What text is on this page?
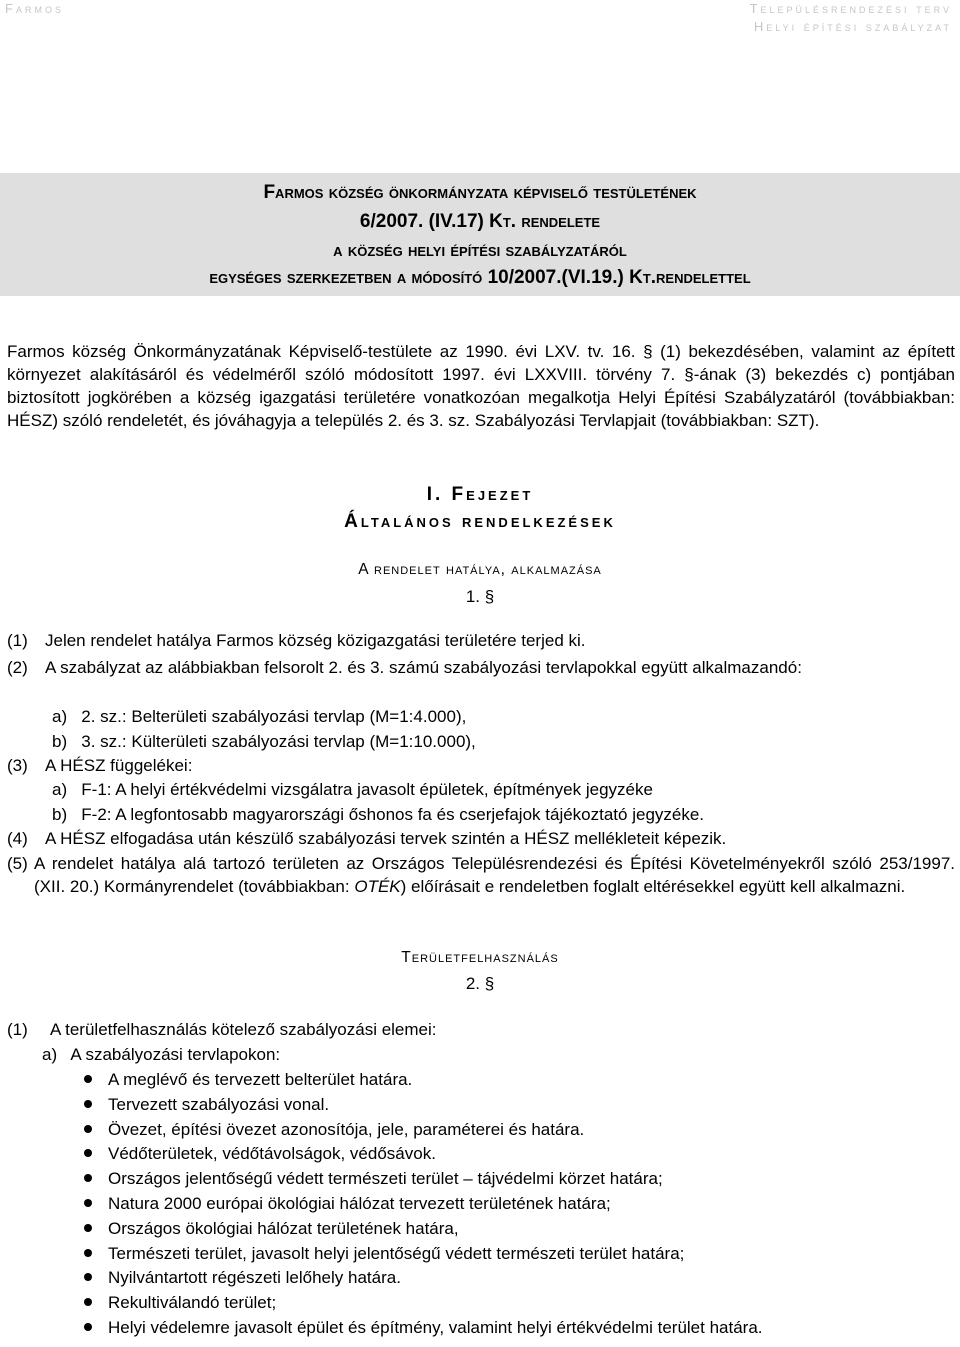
Farmos	Településrendezési terv
Helyi építési szabályzat
Farmos község önkormányzata képviselő testületének
6/2007. (IV.17) Kt. rendelete
a község helyi építési szabályzatáról
egységes szerkezetben a módosító 10/2007.(VI.19.) Kt.rendelettel
Farmos község Önkormányzatának Képviselő-testülete az 1990. évi LXV. tv. 16. § (1) bekezdésében, valamint az épített környezet alakításáról és védelméről szóló módosított 1997. évi LXXVIII. törvény 7. §-ának (3) bekezdés c) pontjában biztosított jogkörében a község igazgatási területére vonatkozóan megalkotja Helyi Építési Szabályzatáról (továbbiakban: HÉSZ) szóló rendeletét, és jóváhagyja a település 2. és 3. sz. Szabályozási Tervlapjait (továbbiakban: SZT).
I. Fejezet
Általános rendelkezések
A rendelet hatálya, alkalmazása
1. §
(1) Jelen rendelet hatálya Farmos község közigazgatási területére terjed ki.
(2) A szabályzat az alábbiakban felsorolt 2. és 3. számú szabályozási tervlapokkal együtt alkalmazandó:
a)   2. sz.: Belterületi szabályozási tervlap (M=1:4.000),
b)   3. sz.: Külterületi szabályozási tervlap (M=1:10.000),
(3) A HÉSZ függelékei:
a)   F-1: A helyi értékvédelmi vizsgálatra javasolt épületek, építmények jegyzéke
b)   F-2: A legfontosabb magyarországi őshonos fa és cserjefajok tájékoztató jegyzéke.
(4) A HÉSZ elfogadása után készülő szabályozási tervek szintén a HÉSZ mellékleteit képezik.
(5) A rendelet hatálya alá tartozó területen az Országos Településrendezési és Építési Követelményekről szóló 253/1997. (XII. 20.) Kormányrendelet (továbbiakban: OTÉK) előírásait e rendeletben foglalt eltérésekkel együtt kell alkalmazni.
Területfelhasználás
2. §
(1) A területfelhasználás kötelező szabályozási elemei:
a)   A szabályozási tervlapokon:
A meglévő és tervezett belterület határa.
Tervezett szabályozási vonal.
Övezet, építési övezet azonosítója, jele, paraméterei és határa.
Védőterületek, védőtávolságok, védősávok.
Országos jelentőségű védett természeti terület – tájvédelmi körzet határa;
Natura 2000 európai ökológiai hálózat tervezett területének határa;
Országos ökológiai hálózat területének határa,
Természeti terület, javasolt helyi jelentőségű védett természeti terület határa;
Nyilvántartott régészeti lelőhely határa.
Rekultiválandó terület;
Helyi védelemre javasolt épület és építmény, valamint helyi értékvédelmi terület határa.
